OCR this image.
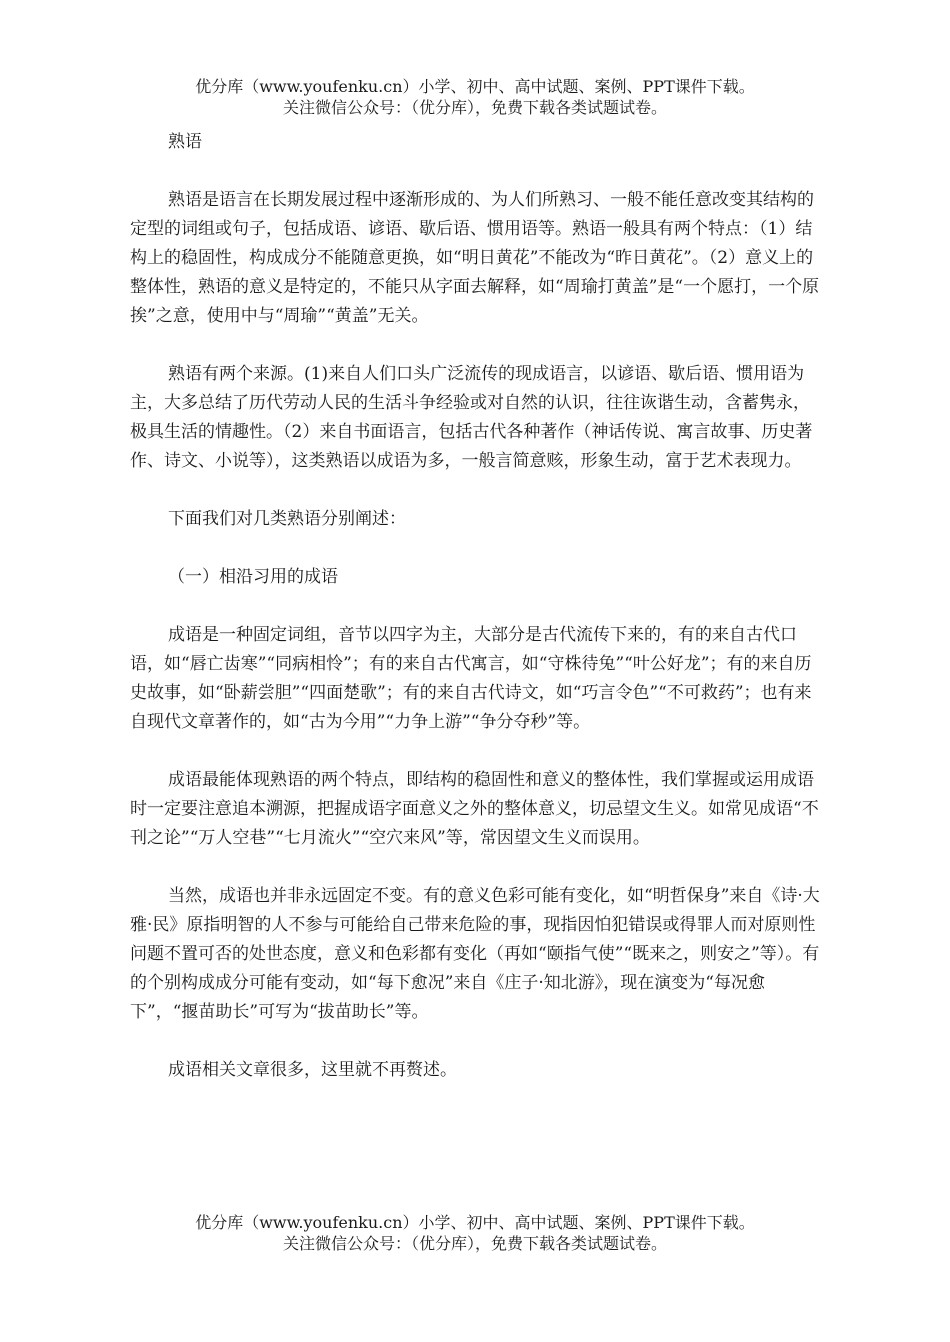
优分库（www.youfenku.cn）小学、初中、高中试题、案例、PPT课件下载。
关注微信公众号：（优分库），免费下载各类试题试卷。

熟语

熟语是语言在长期发展过程中逐渐形成的、为人们所熟习、一般不能任意改变其结构的定型的词组或句子，包括成语、谚语、歇后语、惯用语等。熟语一般具有两个特点：（1）结构上的稳固性，构成成分不能随意更换，如“明日黄花”不能改为“昨日黄花”。（2）意义上的整体性，熟语的意义是特定的，不能只从字面去解释，如“周瑜打黄盖”是“一个愿打，一个原挨”之意，使用中与“周瑜”“黄盖”无关。

熟语有两个来源。(1)来自人们口头广泛流传的现成语言，以谚语、歇后语、惯用语为主，大多总结了历代劳动人民的生活斗争经验或对自然的认识，往往诙谐生动，含蓄隽永，极具生活的情趣性。（2）来自书面语言，包括古代各种著作（神话传说、寓言故事、历史著作、诗文、小说等），这类熟语以成语为多，一般言简意赅，形象生动，富于艺术表现力。

下面我们对几类熟语分别阐述：

（一）相沿习用的成语

成语是一种固定词组，音节以四字为主，大部分是古代流传下来的，有的来自古代口语，如“唇亡齿寒”“同病相怜”；有的来自古代寓言，如“守株待兔”“叶公好龙”；有的来自历史故事，如“卧薪尝胆”“四面楚歌”；有的来自古代诗文，如“巧言令色”“不可救药”；也有来自现代文章著作的，如“古为今用”“力争上游”“争分夺秒”等。

成语最能体现熟语的两个特点，即结构的稳固性和意义的整体性，我们掌握或运用成语时一定要注意追本溯源，把握成语字面意义之外的整体意义，切忌望文生义。如常见成语“不刊之论”“万人空巷”“七月流火”“空穴来风”等，常因望文生义而误用。

当然，成语也并非永远固定不变。有的意义色彩可能有变化，如“明哲保身”来自《诗·大雅·民》原指明智的人不参与可能给自己带来危险的事，现指因怕犯错误或得罪人而对原则性问题不置可否的处世态度，意义和色彩都有变化（再如“颐指气使”“既来之，则安之”等）。有的个别构成成分可能有变动，如“每下愈况”来自《庄子·知北游》，现在演变为“每况愈下”，“揠苗助长”可写为“拔苗助长”等。

成语相关文章很多，这里就不再赘述。

优分库（www.youfenku.cn）小学、初中、高中试题、案例、PPT课件下载。
关注微信公众号：（优分库），免费下载各类试题试卷。
